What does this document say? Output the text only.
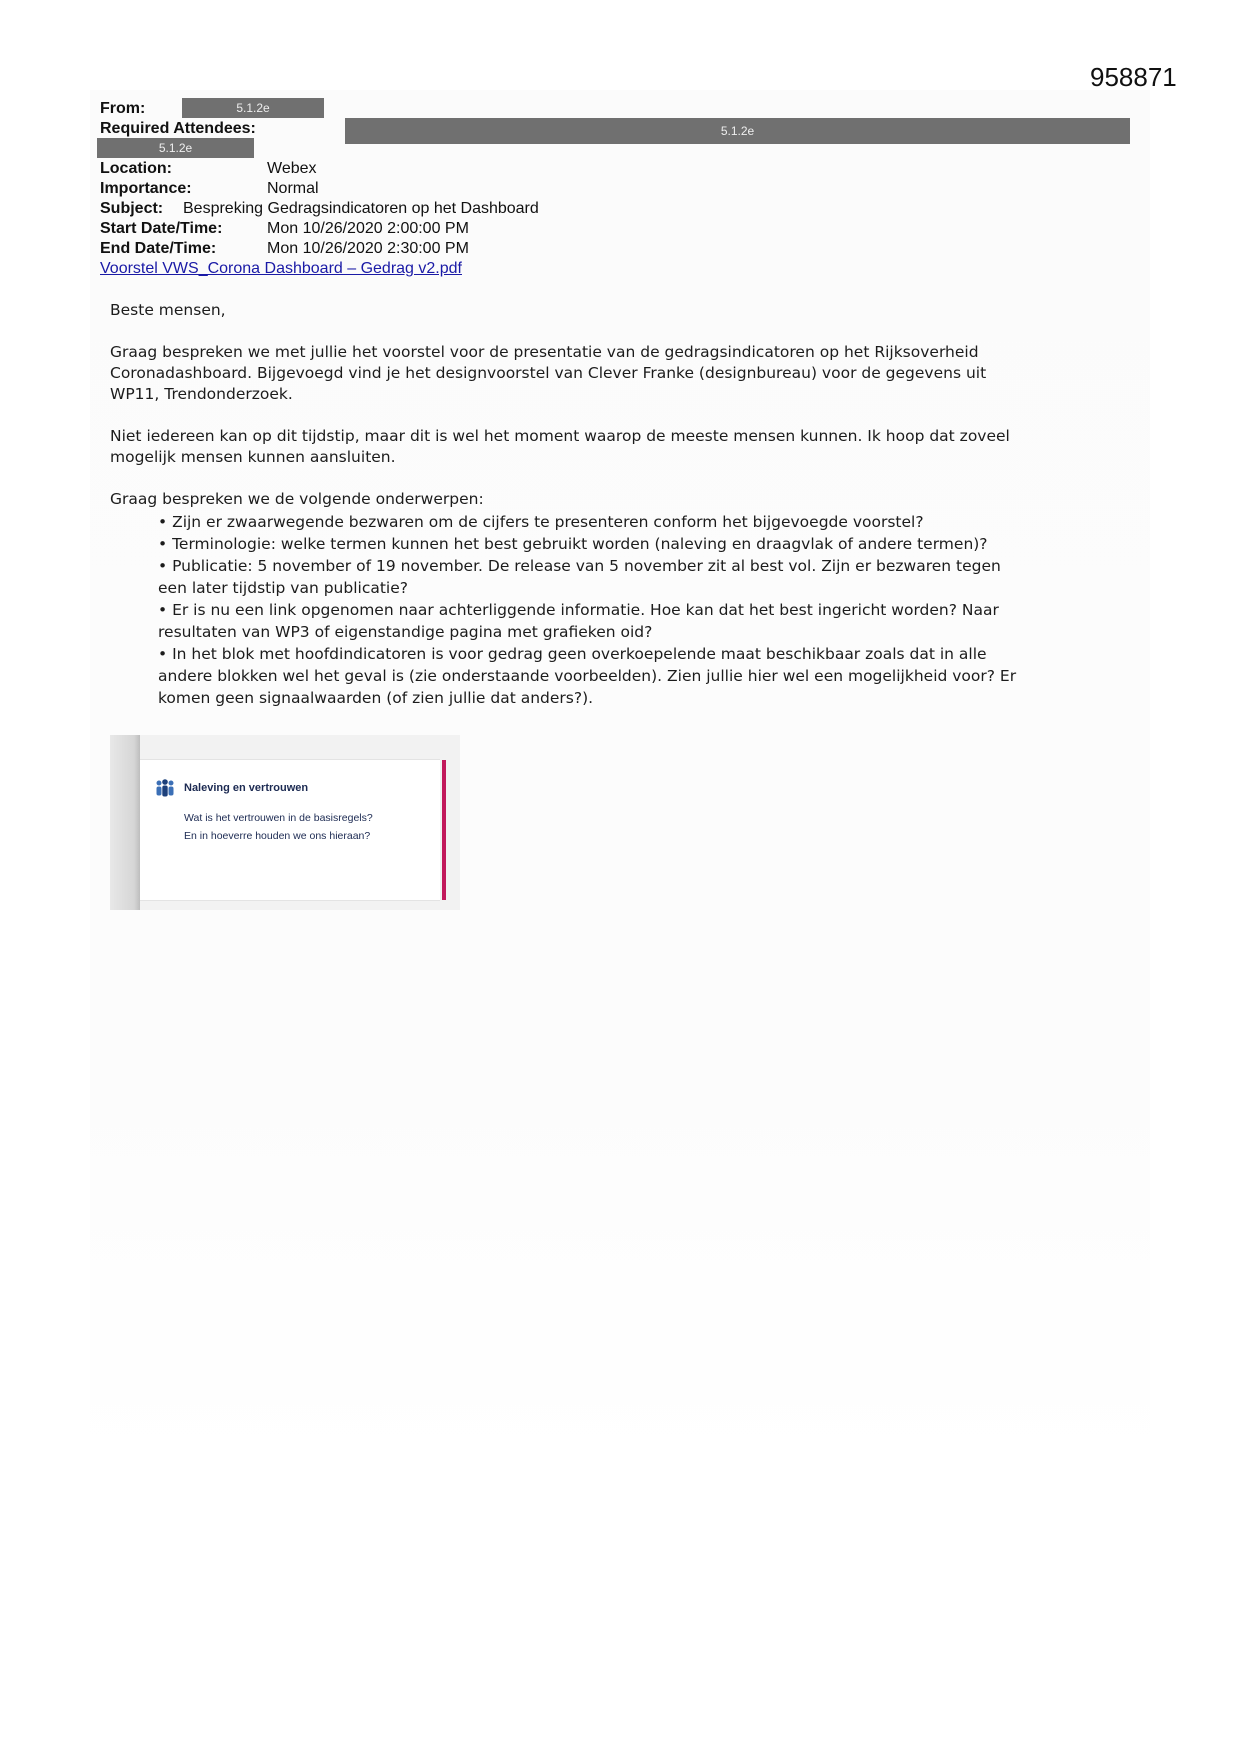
958871
From:	5.1.2e
Required Attendees:	5.1.2e
5.1.2e
Location:	Webex
Importance:	Normal
Subject: Bespreking Gedragsindicatoren op het Dashboard
Start Date/Time:	Mon 10/26/2020 2:00:00 PM
End Date/Time:	Mon 10/26/2020 2:30:00 PM
Voorstel VWS_Corona Dashboard – Gedrag v2.pdf
Beste mensen,
Graag bespreken we met jullie het voorstel voor de presentatie van de gedragsindicatoren op het Rijksoverheid
Coronadashboard. Bijgevoegd vind je het designvoorstel van Clever Franke (designbureau) voor de gegevens uit
WP11, Trendonderzoek.
Niet iedereen kan op dit tijdstip, maar dit is wel het moment waarop de meeste mensen kunnen. Ik hoop dat zoveel
mogelijk mensen kunnen aansluiten.
Graag bespreken we de volgende onderwerpen:
• Zijn er zwaarwegende bezwaren om de cijfers te presenteren conform het bijgevoegde voorstel?
• Terminologie: welke termen kunnen het best gebruikt worden (naleving en draagvlak of andere termen)?
• Publicatie: 5 november of 19 november. De release van 5 november zit al best vol. Zijn er bezwaren tegen
een later tijdstip van publicatie?
• Er is nu een link opgenomen naar achterliggende informatie. Hoe kan dat het best ingericht worden? Naar
resultaten van WP3 of eigenstandige pagina met grafieken oid?
• In het blok met hoofdindicatoren is voor gedrag geen overkoepelende maat beschikbaar zoals dat in alle
andere blokken wel het geval is (zie onderstaande voorbeelden). Zien jullie hier wel een mogelijkheid voor? Er
komen geen signaalwaarden (of zien jullie dat anders?).
Naleving en vertrouwen
Wat is het vertrouwen in de basisregels?
En in hoeverre houden we ons hieraan?
